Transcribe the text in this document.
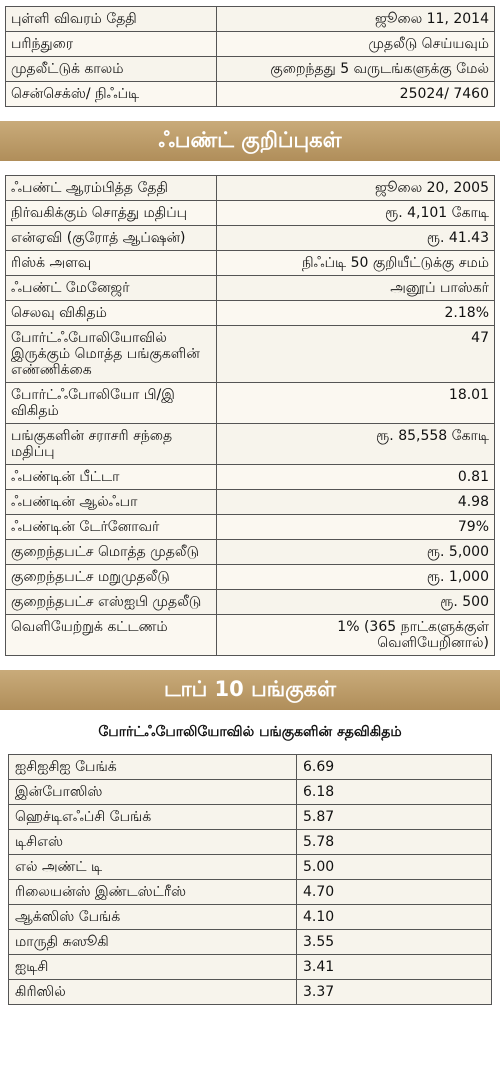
புள்ளி விவரம் தேதி	ஜூலை 11, 2014
பரிந்துரை	முதலீடு செய்யவும்
முதலீட்டுக் காலம்	குறைந்தது 5 வருடங்களுக்கு மேல்
சென்செக்ஸ்/ நிஃப்டி	25024/ 7460
ஃபண்ட் குறிப்புகள்
ஃபண்ட் ஆரம்பித்த தேதி	ஜூலை 20, 2005
நிர்வகிக்கும் சொத்து மதிப்பு	ரூ. 4,101 கோடி
என்ஏவி (குரோத் ஆப்ஷன்)	ரூ. 41.43
ரிஸ்க் அளவு	நிஃப்டி 50 குறியீட்டுக்கு சமம்
ஃபண்ட் மேனேஜர்	அனூப் பாஸ்கர்
செலவு விகிதம்	2.18%
போர்ட்ஃபோலியோவில் இருக்கும் மொத்த பங்குகளின் எண்ணிக்கை	47
போர்ட்ஃபோலியோ பி/இ விகிதம்	18.01
பங்குகளின் சராசரி சந்தை மதிப்பு	ரூ. 85,558 கோடி
ஃபண்டின் பீட்டா	0.81
ஃபண்டின் ஆல்ஃபா	4.98
ஃபண்டின் டேர்னோவர்	79%
குறைந்தபட்ச மொத்த முதலீடு	ரூ. 5,000
குறைந்தபட்ச மறுமுதலீடு	ரூ. 1,000
குறைந்தபட்ச எஸ்ஐபி முதலீடு	ரூ. 500
வெளியேற்றுக் கட்டணம்	1% (365 நாட்களுக்குள் வெளியேறினால்)
டாப் 10 பங்குகள்
போர்ட்ஃபோலியோவில் பங்குகளின் சதவிகிதம்
ஐசிஐசிஐ பேங்க்	6.69
இன்போஸிஸ்	6.18
ஹெச்டிஎஃப்சி பேங்க்	5.87
டிசிஎஸ்	5.78
எல் அண்ட் டி	5.00
ரிலையன்ஸ் இண்டஸ்ட்ரீஸ்	4.70
ஆக்ஸிஸ் பேங்க்	4.10
மாருதி சுஸூகி	3.55
ஐடிசி	3.41
கிரிஸில்	3.37
